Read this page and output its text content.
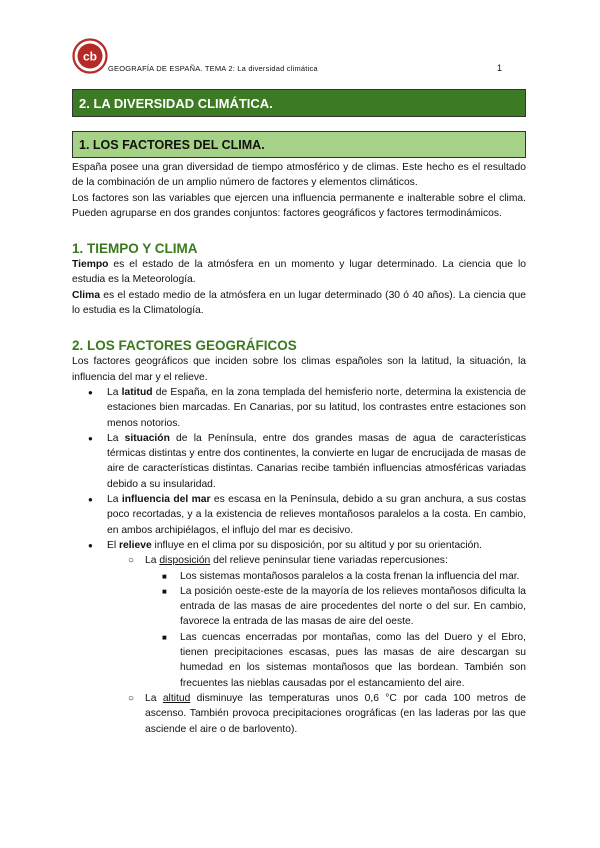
cb
GEOGRAFÍA DE ESPAÑA. TEMA 2: La diversidad climática	1
2. LA DIVERSIDAD CLIMÁTICA.
1. LOS FACTORES DEL CLIMA.

España posee una gran diversidad de tiempo atmosférico y de climas. Este hecho es el resultado de la combinación de un amplio número de factores y elementos climáticos.

Los factores son las variables que ejercen una influencia permanente e inalterable sobre el clima. Pueden agruparse en dos grandes conjuntos: factores geográficos y factores termodinámicos.

1. TIEMPO Y CLIMA

Tiempo es el estado de la atmósfera en un momento y lugar determinado. La ciencia que lo estudia es la Meteorología.

Clima es el estado medio de la atmósfera en un lugar determinado (30 ó 40 años). La ciencia que lo estudia es la Climatología.

2. LOS FACTORES GEOGRÁFICOS

Los factores geográficos que inciden sobre los climas españoles son la latitud, la situación, la influencia del mar y el relieve.

● La latitud de España, en la zona templada del hemisferio norte, determina la existencia de estaciones bien marcadas. En Canarias, por su latitud, los contrastes entre estaciones son menos notorios.
● La situación de la Península, entre dos grandes masas de agua de características térmicas distintas y entre dos continentes, la convierte en lugar de encrucijada de masas de aire de características distintas. Canarias recibe también influencias atmosféricas variadas debido a su insularidad.
● La influencia del mar es escasa en la Península, debido a su gran anchura, a sus costas poco recortadas, y a la existencia de relieves montañosos paralelos a la costa. En cambio, en ambos archipiélagos, el influjo del mar es decisivo.
● El relieve influye en el clima por su disposición, por su altitud y por su orientación.
○ La disposición del relieve peninsular tiene variadas repercusiones:
■ Los sistemas montañosos paralelos a la costa frenan la influencia del mar.
■ La posición oeste-este de la mayoría de los relieves montañosos dificulta la entrada de las masas de aire procedentes del norte o del sur. En cambio, favorece la entrada de las masas de aire del oeste.
■ Las cuencas encerradas por montañas, como las del Duero y el Ebro, tienen precipitaciones escasas, pues las masas de aire descargan su humedad en los sistemas montañosos que las bordean. También son frecuentes las nieblas causadas por el estancamiento del aire.
○ La altitud disminuye las temperaturas unos 0,6 °C por cada 100 metros de ascenso. También provoca precipitaciones orográficas (en las laderas por las que asciende el aire o de barlovento).
